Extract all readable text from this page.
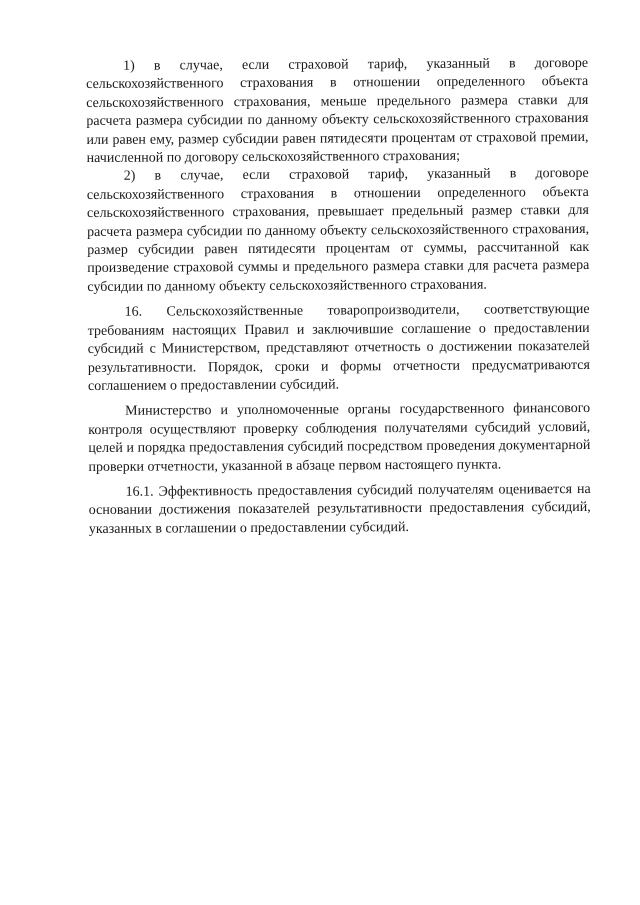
1) в случае, если страховой тариф, указанный в договоре сельскохозяйственного страхования в отношении определенного объекта сельскохозяйственного страхования, меньше предельного размера ставки для расчета размера субсидии по данному объекту сельскохозяйственного страхования или равен ему, размер субсидии равен пятидесяти процентам от страховой премии, начисленной по договору сельскохозяйственного страхования;

2) в случае, если страховой тариф, указанный в договоре сельскохозяйственного страхования в отношении определенного объекта сельскохозяйственного страхования, превышает предельный размер ставки для расчета размера субсидии по данному объекту сельскохозяйственного страхования, размер субсидии равен пятидесяти процентам от суммы, рассчитанной как произведение страховой суммы и предельного размера ставки для расчета размера субсидии по данному объекту сельскохозяйственного страхования.

16. Сельскохозяйственные товаропроизводители, соответствующие требованиям настоящих Правил и заключившие соглашение о предоставлении субсидий с Министерством, представляют отчетность о достижении показателей результативности. Порядок, сроки и формы отчетности предусматриваются соглашением о предоставлении субсидий.

Министерство и уполномоченные органы государственного финансового контроля осуществляют проверку соблюдения получателями субсидий условий, целей и порядка предоставления субсидий посредством проведения документарной проверки отчетности, указанной в абзаце первом настоящего пункта.

16.1. Эффективность предоставления субсидий получателям оценивается на основании достижения показателей результативности предоставления субсидий, указанных в соглашении о предоставлении субсидий.
